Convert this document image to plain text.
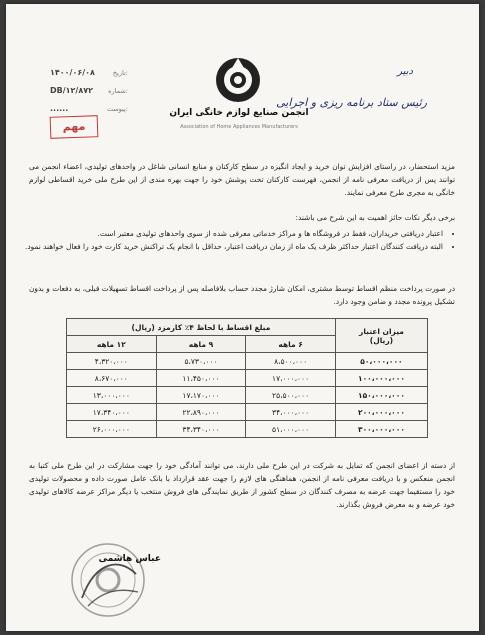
۱۴۰۰/۰۶/۰۸	تاریخ:
DB/۱۲/۸۷۲ شماره:
......	پیوست:	انجمن صنایع لوازم خانگی ایران
Association of Home Appliances Manufacturers
دبیر
رئیس ستاد برنامه ریزی و اجرایی
مهم
مزید استحضار، در راستای افزایش توان خرید و ایجاد انگیزه در سطح کارکنان و منابع انسانی شاغل در واحدهای تولیدی، اعضاء انجمن می توانند پس از دریافت معرفی نامه از انجمن، فهرست کارکنان تحت پوشش خود را جهت بهره مندی از این طرح ملی خرید اقساطی لوازم خانگی به مجری طرح معرفی نمایند.
برخی دیگر نکات حائز اهمیت به این شرح می باشند:
• اعتبار دریافتی خریداران، فقط در فروشگاه ها و مراکز خدماتی معرفی شده از سوی واحدهای تولیدی معتبر است.
• البته دریافت کنندگان اعتبار حداکثر ظرف یک ماه از زمان دریافت اعتبار، حداقل با انجام یک تراکنش خرید کارت خود را فعال خواهند نمود.
در صورت پرداخت منظم اقساط توسط مشتری، امکان شارژ مجدد حساب بلافاصله پس از پرداخت اقساط تسهیلات قبلی، به دفعات و بدون تشکیل پرونده مجدد و ضامن وجود دارد.
میزان اعتبار
(ریال)	مبلغ اقساط با لحاظ ۴٪ کارمزد (ریال)		
	۶ ماهه	۹ ماهه	۱۲ ماهه
۵۰،۰۰۰،۰۰۰	۸،۵۰۰،۰۰۰	۵،۷۳۰،۰۰۰	۴،۳۲۰،۰۰۰
۱۰۰،۰۰۰،۰۰۰	۱۷،۰۰۰،۰۰۰	۱۱،۴۵۰،۰۰۰	۸،۶۷۰،۰۰۰
۱۵۰،۰۰۰،۰۰۰	۲۵،۵۰۰،۰۰۰	۱۷،۱۷۰،۰۰۰	۱۳،۰۰۰،۰۰۰
۲۰۰،۰۰۰،۰۰۰	۳۴،۰۰۰،۰۰۰	۲۲،۸۹۰،۰۰۰	۱۷،۳۴۰،۰۰۰
۳۰۰،۰۰۰،۰۰۰	۵۱،۰۰۰،۰۰۰	۳۴،۳۴۰،۰۰۰	۲۶،۰۰۰،۰۰۰
از دسته از اعضای انجمن که تمایل به شرکت در این طرح ملی دارند، می توانند آمادگی خود را جهت مشارکت در این طرح ملی کتبا به انجمن منعکس و با دریافت معرفی نامه از انجمن، هماهنگی های لازم را جهت عقد قرارداد با بانک عامل صورت داده و محصولات تولیدی خود را مستقیما جهت عرضه به مصرف کنندگان در سطح کشور از طریق نمایندگی های فروش منتخب یا دیگر مراکز عرضه کالاهای تولیدی خود عرضه و به معرض فروش بگذارند.
عباس هاشمی
